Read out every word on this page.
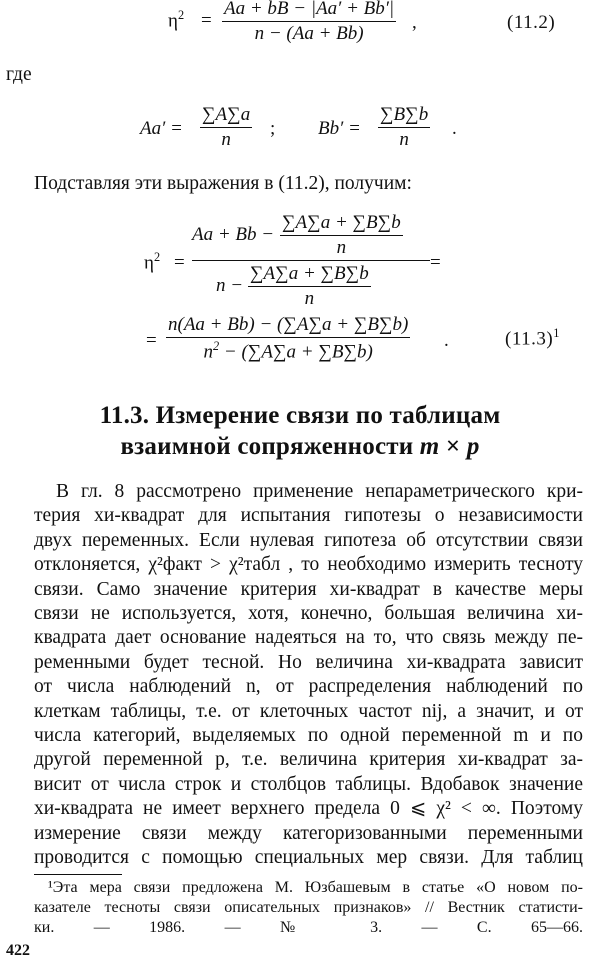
$\eta^2$ =
Aa + bB − |Aa′ + Bb′|
n − (Aa + Bb)
,	(11.2)
где
Aa′ =
∑A∑a
n
; Bb′ =
∑B∑b
n
.
Подставляя эти выражения в (11.2), получим:
$\eta^2$ =
Aa + Bb −
∑A∑a + ∑B∑b
n
n −
∑A∑a + ∑B∑b
n
=
=
n(Aa + Bb) − (∑A∑a + ∑B∑b)
$n^2 - (\sum A\sum a + \sum B\sum b)$
.	$(11.3)^1$
11.3. Измерение связи по таблицам
взаимной сопряженности m × p
В гл. 8 рассмотрено применение непараметрического кри-
терия хи-квадрат для испытания гипотезы о независимости
двух переменных. Если нулевая гипотеза об отсутствии связи
отклоняется, χ²факт > χ²табл , то необходимо измерить тесноту
связи. Само значение критерия хи-квадрат в качестве меры
связи не используется, хотя, конечно, большая величина хи-
квадрата дает основание надеяться на то, что связь между пе-
ременными будет тесной. Но величина хи-квадрата зависит
от числа наблюдений n, от распределения наблюдений по
клеткам таблицы, т.е. от клеточных частот nij, а значит, и от
числа категорий, выделяемых по одной переменной m и по
другой переменной p, т.е. величина критерия хи-квадрат за-
висит от числа строк и столбцов таблицы. Вдобавок значение
хи-квадрата не имеет верхнего предела 0 ⩽ χ² < ∞. Поэтому
измерение связи между категоризованными переменными
проводится с помощью специальных мер связи. Для таблиц
¹Эта мера связи предложена М. Юзбашевым в статье «О новом по-
казателе тесноты связи описательных признаков» // Вестник статисти-
ки. — 1986. — № 3. — С. 65—66.
422
